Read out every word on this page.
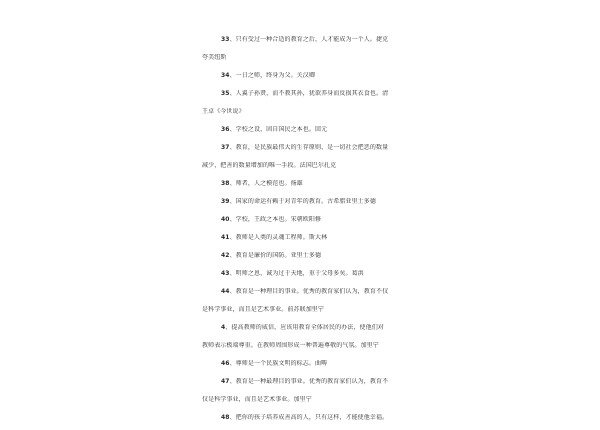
33、只有受过一种合适的教育之后，人才能成为一个人。捷克
夸美纽斯
34、一日之师，终身为父。关汉卿
35、人翼子孙贤，而不教其孙，犹欲养身而反损其衣食也。清
王卓《今世说》
36、学校之设，固自国民之本也。回元
37、教育，是民族最伟大的生存原则，是一切社会把恶的数量
减少，把善的数量增加的唯一手段。法国巴尔扎克
38、师者，人之模范也。扬雄
39、国家的命运有赖于对青年的教育。古希腊亚里士多德
40、学校，王政之本也。宋朝欧阳修
41、教师是人类的灵魂工程师。斯大林
42、教育是廉价的国防。亚里士多德
43、明师之恩，诚为过于天地，重于父母多矣。葛洪
44、教育是一种理目的事业。优秀的教育家们认为，教育不仅
是科学事业，而且是艺术事业。前苏联加里宁
4、提高教师的威信，应该用教育全体居民的办法，使他们对
教师表示极端尊重。在教师周围形成一种普遍尊敬的气氛。加里宁
46、尊师是一个民族文明的标志。曲畴
47、教育是一种最理目的事业。优秀的教育家们认为，教育不
仅是科学事业，而且是艺术事业。加里宁
48、把你的孩子培养成善高的人，只有这样，才能使他幸福。
